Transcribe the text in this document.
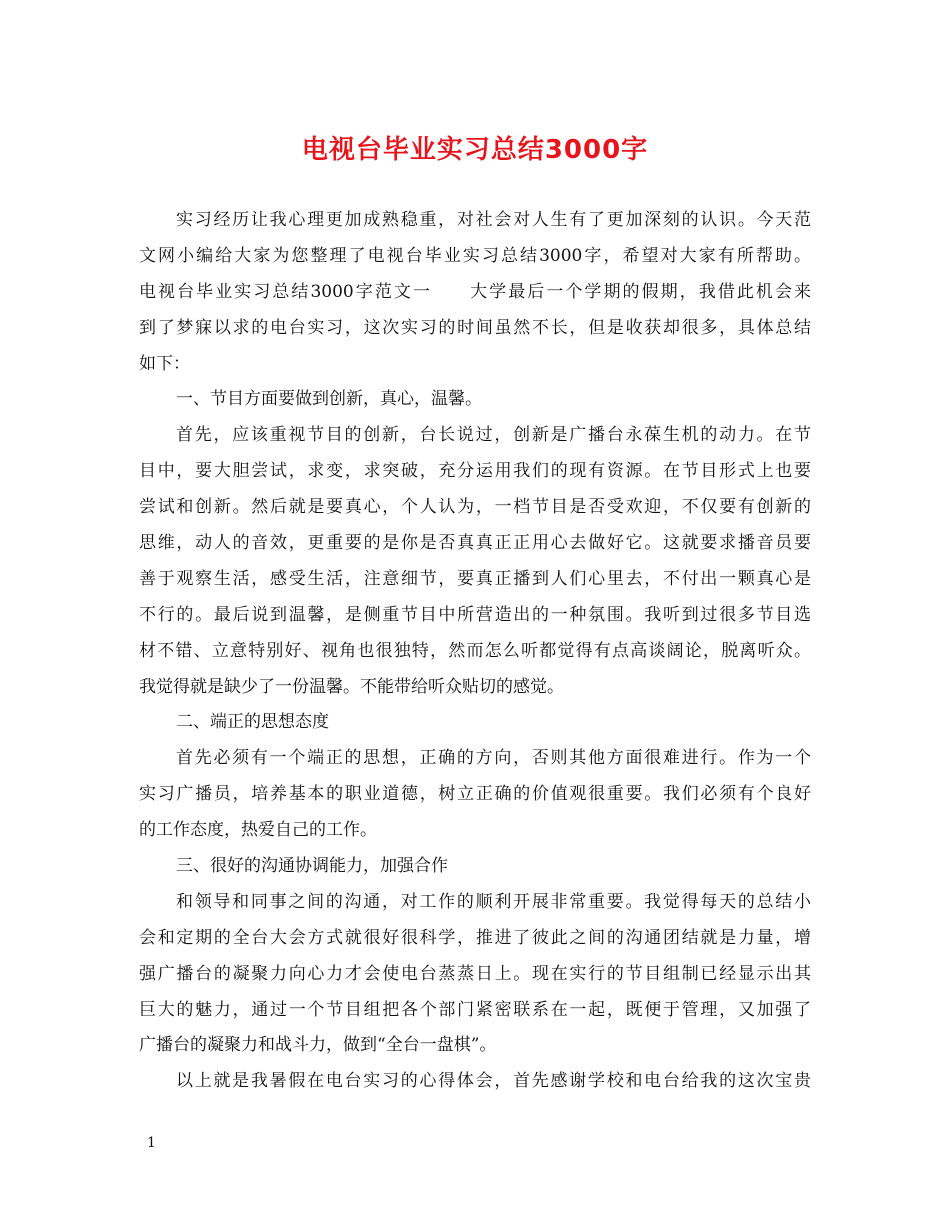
电视台毕业实习总结3000字
实习经历让我心理更加成熟稳重，对社会对人生有了更加深刻的认识。今天范
文网小编给大家为您整理了电视台毕业实习总结3000字，希望对大家有所帮助。
电视台毕业实习总结3000字范文一　　大学最后一个学期的假期，我借此机会来
到了梦寐以求的电台实习，这次实习的时间虽然不长，但是收获却很多，具体总结
如下：
一、节目方面要做到创新，真心，温馨。
首先，应该重视节目的创新，台长说过，创新是广播台永葆生机的动力。在节
目中，要大胆尝试，求变，求突破，充分运用我们的现有资源。在节目形式上也要
尝试和创新。然后就是要真心，个人认为，一档节目是否受欢迎，不仅要有创新的
思维，动人的音效，更重要的是你是否真真正正用心去做好它。这就要求播音员要
善于观察生活，感受生活，注意细节，要真正播到人们心里去，不付出一颗真心是
不行的。最后说到温馨，是侧重节目中所营造出的一种氛围。我听到过很多节目选
材不错、立意特别好、视角也很独特，然而怎么听都觉得有点高谈阔论，脱离听众。
我觉得就是缺少了一份温馨。不能带给听众贴切的感觉。
二、端正的思想态度
首先必须有一个端正的思想，正确的方向，否则其他方面很难进行。作为一个
实习广播员，培养基本的职业道德，树立正确的价值观很重要。我们必须有个良好
的工作态度，热爱自己的工作。
三、很好的沟通协调能力，加强合作
和领导和同事之间的沟通，对工作的顺利开展非常重要。我觉得每天的总结小
会和定期的全台大会方式就很好很科学，推进了彼此之间的沟通团结就是力量，增
强广播台的凝聚力向心力才会使电台蒸蒸日上。现在实行的节目组制已经显示出其
巨大的魅力，通过一个节目组把各个部门紧密联系在一起，既便于管理，又加强了
广播台的凝聚力和战斗力，做到“全台一盘棋”。
以上就是我暑假在电台实习的心得体会，首先感谢学校和电台给我的这次宝贵
1
